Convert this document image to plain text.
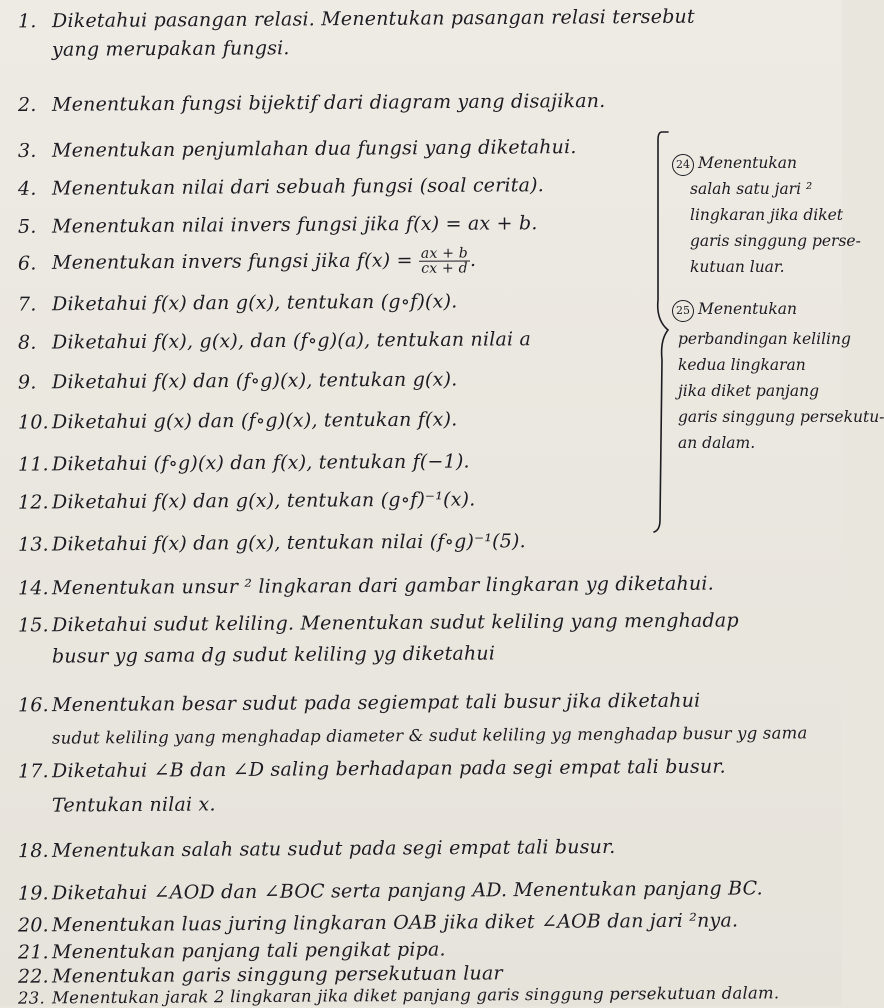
1. Diketahui pasangan relasi. Menentukan pasangan relasi tersebut
yang merupakan fungsi.
2. Menentukan fungsi bijektif dari diagram yang disajikan.
3. Menentukan penjumlahan dua fungsi yang diketahui.
4. Menentukan nilai dari sebuah fungsi (soal cerita).
5. Menentukan nilai invers fungsi jika f(x) = ax + b.
6. Menentukan invers fungsi jika $f(x) = \frac{ax + b}{cx + d}$ .
7. Diketahui f(x) dan g(x), tentukan (g∘f)(x).
8. Diketahui f(x), g(x), dan (f∘g)(a), tentukan nilai a
9. Diketahui f(x) dan (f∘g)(x), tentukan g(x).
10. Diketahui g(x) dan (f∘g)(x), tentukan f(x).
11. Diketahui (f∘g)(x) dan f(x), tentukan f(−1).
12. Diketahui f(x) dan g(x), tentukan (g∘f)⁻¹(x).
13. Diketahui f(x) dan g(x), tentukan nilai (f∘g)⁻¹(5).
14. Menentukan unsur ² lingkaran dari gambar lingkaran yg diketahui.
15. Diketahui sudut keliling. Menentukan sudut keliling yang menghadap
busur yg sama dg sudut keliling yg diketahui
16. Menentukan besar sudut pada segiempat tali busur jika diketahui
sudut keliling yang menghadap diameter & sudut keliling yg menghadap busur yg sama
17. Diketahui ∠B dan ∠D saling berhadapan pada segi empat tali busur.
Tentukan nilai x.
18. Menentukan salah satu sudut pada segi empat tali busur.
19. Diketahui ∠AOD dan ∠BOC serta panjang AD. Menentukan panjang BC.
20. Menentukan luas juring lingkaran OAB jika diket ∠AOB dan jari ²nya.
21. Menentukan panjang tali pengikat pipa.
22. Menentukan garis singgung persekutuan luar
23. Menentukan jarak 2 lingkaran jika diket panjang garis singgung persekutuan dalam.
24 Menentukan
salah satu jari ²
lingkaran jika diket
garis singgung perse-
kutuan luar.
25 Menentukan
perbandingan keliling
kedua lingkaran
jika diket panjang
garis singgung persekutu-
an dalam.
